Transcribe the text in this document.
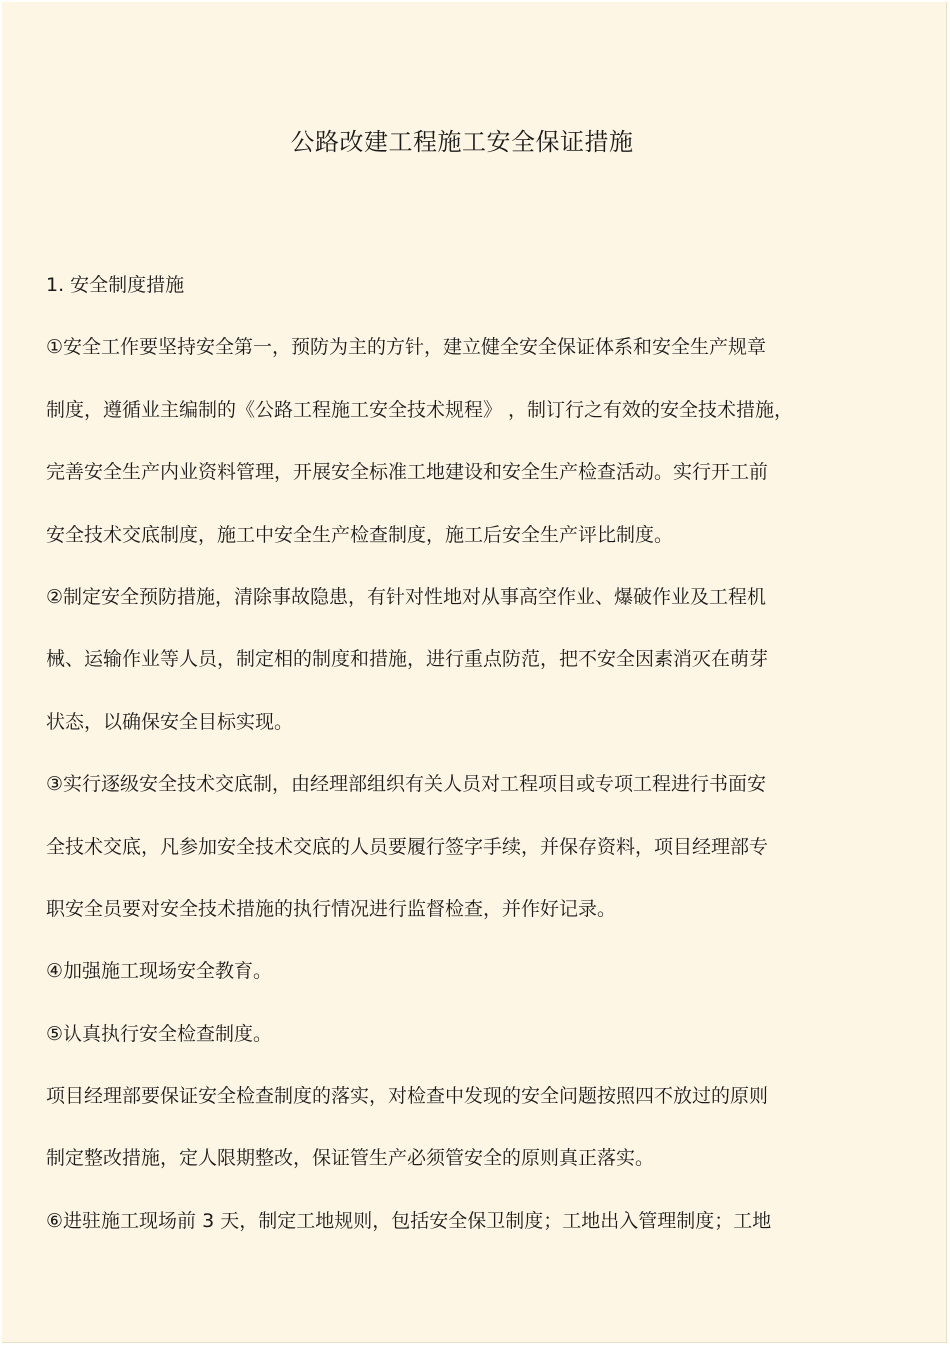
公路改建工程施工安全保证措施
1. 安全制度措施
①安全工作要坚持安全第一，预防为主的方针，建立健全安全保证体系和安全生产规章
制度，遵循业主编制的《公路工程施工安全技术规程》 ，制订行之有效的安全技术措施，
完善安全生产内业资料管理，开展安全标准工地建设和安全生产检查活动。实行开工前
安全技术交底制度，施工中安全生产检查制度，施工后安全生产评比制度。
②制定安全预防措施，清除事故隐患，有针对性地对从事高空作业、爆破作业及工程机
械、运输作业等人员，制定相的制度和措施，进行重点防范，把不安全因素消灭在萌芽
状态，以确保安全目标实现。
③实行逐级安全技术交底制，由经理部组织有关人员对工程项目或专项工程进行书面安
全技术交底，凡参加安全技术交底的人员要履行签字手续，并保存资料，项目经理部专
职安全员要对安全技术措施的执行情况进行监督检查，并作好记录。
④加强施工现场安全教育。
⑤认真执行安全检查制度。
项目经理部要保证安全检查制度的落实，对检查中发现的安全问题按照四不放过的原则
制定整改措施，定人限期整改，保证管生产必须管安全的原则真正落实。
⑥进驻施工现场前 3 天，制定工地规则，包括安全保卫制度；工地出入管理制度；工地
